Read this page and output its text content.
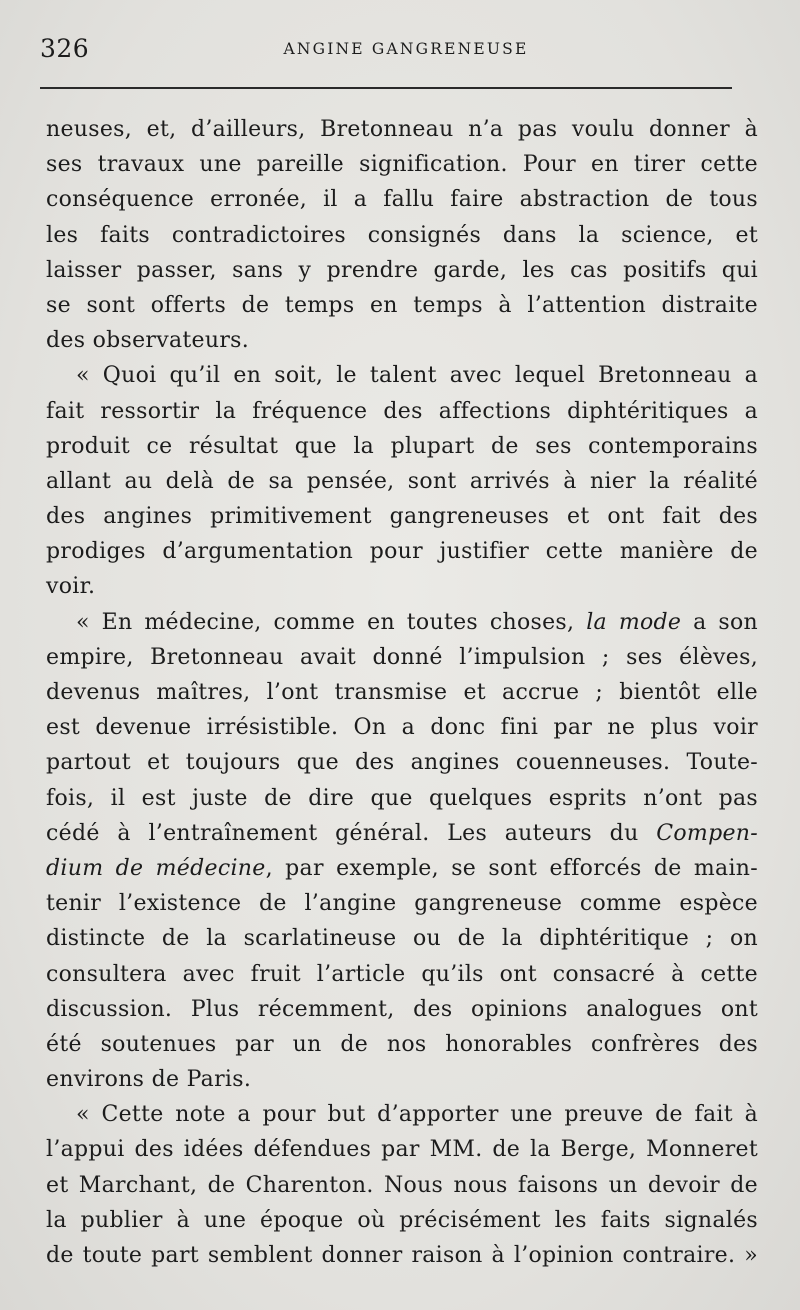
326	ANGINE GANGRENEUSE
neuses, et, d’ailleurs, Bretonneau n’a pas voulu donner à
ses travaux une pareille signification. Pour en tirer cette
conséquence erronée, il a fallu faire abstraction de tous
les faits contradictoires consignés dans la science, et
laisser passer, sans y prendre garde, les cas positifs qui
se sont offerts de temps en temps à l’attention distraite
des observateurs.
« Quoi qu’il en soit, le talent avec lequel Bretonneau a
fait ressortir la fréquence des affections diphtéritiques a
produit ce résultat que la plupart de ses contemporains
allant au delà de sa pensée, sont arrivés à nier la réalité
des angines primitivement gangreneuses et ont fait des
prodiges d’argumentation pour justifier cette manière de
voir.
« En médecine, comme en toutes choses, la mode a son
empire, Bretonneau avait donné l’impulsion ; ses élèves,
devenus maîtres, l’ont transmise et accrue ; bientôt elle
est devenue irrésistible. On a donc fini par ne plus voir
partout et toujours que des angines couenneuses. Toute-
fois, il est juste de dire que quelques esprits n’ont pas
cédé à l’entraînement général. Les auteurs du Compen-
dium de médecine, par exemple, se sont efforcés de main-
tenir l’existence de l’angine gangreneuse comme espèce
distincte de la scarlatineuse ou de la diphtéritique ; on
consultera avec fruit l’article qu’ils ont consacré à cette
discussion. Plus récemment, des opinions analogues ont
été soutenues par un de nos honorables confrères des
environs de Paris.
« Cette note a pour but d’apporter une preuve de fait à
l’appui des idées défendues par MM. de la Berge, Monneret
et Marchant, de Charenton. Nous nous faisons un devoir de
la publier à une époque où précisément les faits signalés
de toute part semblent donner raison à l’opinion contraire. »
